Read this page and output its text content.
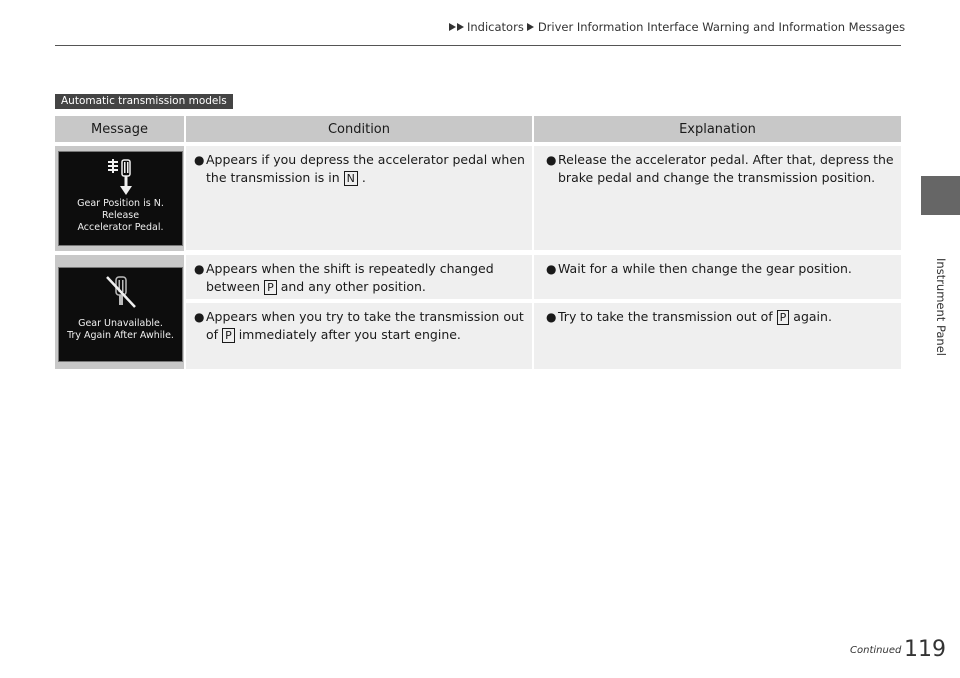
Indicators Driver Information Interface Warning and Information Messages
Instrument Panel
Automatic transmission models
Message	Condition	Explanation
Gear Position is N.
Release
Accelerator Pedal.
● Appears if you depress the accelerator pedal when the transmission is in N .
● Release the accelerator pedal. After that, depress the brake pedal and change the transmission position.
Gear Unavailable.
Try Again After Awhile.
● Appears when the shift is repeatedly changed between P and any other position.
● Wait for a while then change the gear position.
● Appears when you try to take the transmission out of P immediately after you start engine.
● Try to take the transmission out of P again.
Continued 119
